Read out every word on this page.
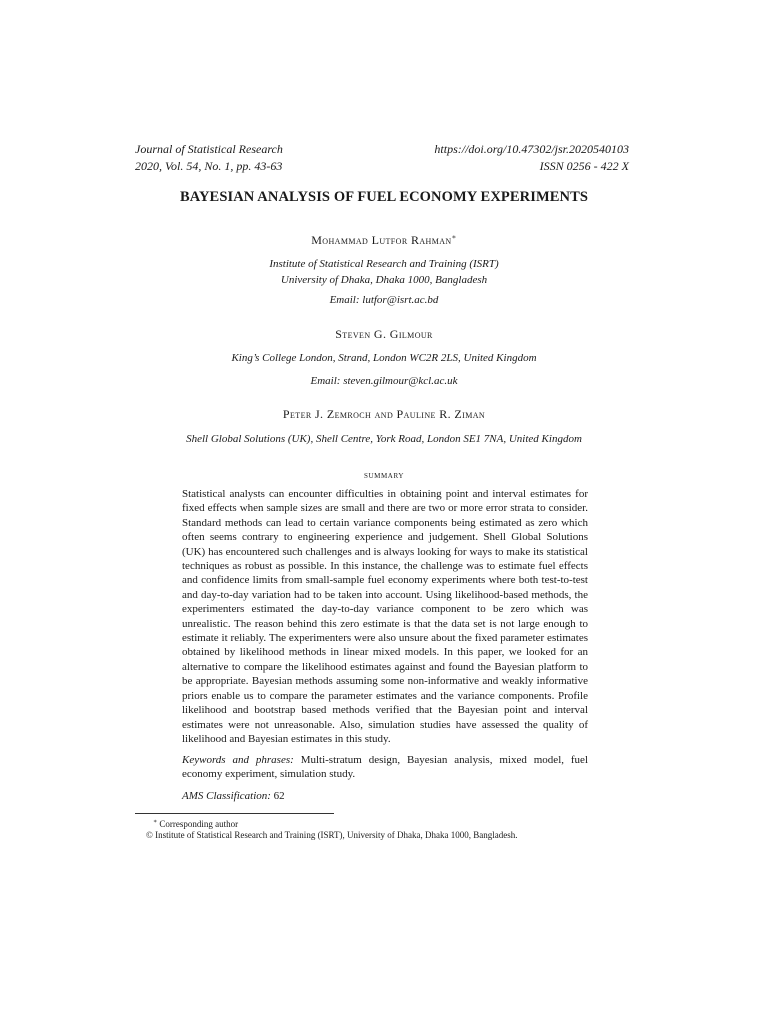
Journal of Statistical Research
2020, Vol. 54, No. 1, pp. 43-63
https://doi.org/10.47302/jsr.2020540103
ISSN 0256 - 422 X
BAYESIAN ANALYSIS OF FUEL ECONOMY EXPERIMENTS
Mohammad Lutfor Rahman∗
Institute of Statistical Research and Training (ISRT)
University of Dhaka, Dhaka 1000, Bangladesh
Email: lutfor@isrt.ac.bd
Steven G. Gilmour
King’s College London, Strand, London WC2R 2LS, United Kingdom
Email: steven.gilmour@kcl.ac.uk
Peter J. Zemroch and Pauline R. Ziman
Shell Global Solutions (UK), Shell Centre, York Road, London SE1 7NA, United Kingdom
summary
Statistical analysts can encounter difficulties in obtaining point and interval estimates for fixed effects when sample sizes are small and there are two or more error strata to consider. Standard methods can lead to certain variance components being estimated as zero which often seems contrary to engineering experience and judgement. Shell Global Solutions (UK) has encountered such challenges and is always looking for ways to make its statistical techniques as robust as possible. In this instance, the challenge was to estimate fuel effects and confidence limits from small-sample fuel economy experiments where both test-to-test and day-to-day variation had to be taken into account. Using likelihood-based methods, the experimenters estimated the day-to-day variance component to be zero which was unrealistic. The reason behind this zero estimate is that the data set is not large enough to estimate it reliably. The experimenters were also unsure about the fixed parameter estimates obtained by likelihood methods in linear mixed models. In this paper, we looked for an alternative to compare the likelihood estimates against and found the Bayesian platform to be appropriate. Bayesian methods assuming some non-informative and weakly informative priors enable us to compare the parameter estimates and the variance components. Profile likelihood and bootstrap based methods verified that the Bayesian point and interval estimates were not unreasonable. Also, simulation studies have assessed the quality of likelihood and Bayesian estimates in this study.
Keywords and phrases: Multi-stratum design, Bayesian analysis, mixed model, fuel economy experiment, simulation study.
AMS Classification: 62
∗ Corresponding author
© Institute of Statistical Research and Training (ISRT), University of Dhaka, Dhaka 1000, Bangladesh.
